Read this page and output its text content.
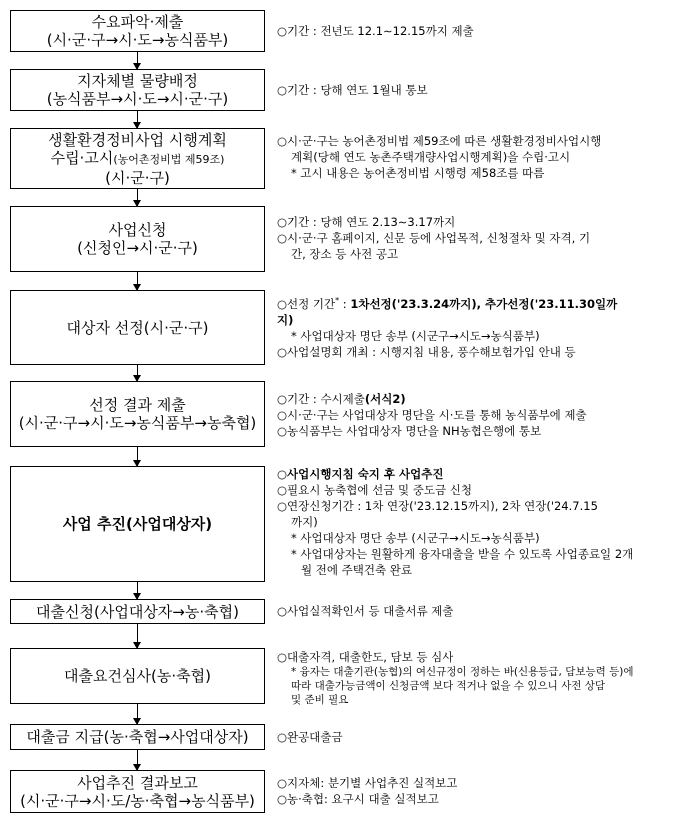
수요파악·제출
(시·군·구→시·도→농식품부)	○기간 : 전년도 12.1∼12.15까지 제출
지자체별 물량배정
(농식품부→시·도→시·군·구)	○기간 : 당해 연도 1월내 통보
생활환경정비사업 시행계획
수립·고시(농어촌정비법 제59조)
(시·군·구)
○시·군·구는 농어촌정비법 제59조에 따른 생활환경정비사업시행
계획(당해 연도 농촌주택개량사업시행계획)을 수립·고시
* 고시 내용은 농어촌정비법 시행령 제58조를 따름
사업신청
(신청인→시·군·구)
○기간 : 당해 연도 2.13∼3.17까지
○시·군·구 홈페이지, 신문 등에 사업목적, 신청절차 및 자격, 기
간, 장소 등 사전 공고
대상자 선정(시·군·구)
○선정 기간* : 1차선정('23.3.24까지), 추가선정('23.11.30일까
지)
* 사업대상자 명단 송부 (시군구→시도→농식품부)
○사업설명회 개최 : 시행지침 내용, 풍수해보험가입 안내 등
선정 결과 제출
(시·군·구→시·도→농식품부→농축협)
○기간 : 수시제출(서식2)
○시·군·구는 사업대상자 명단을 시·도를 통해 농식품부에 제출
○농식품부는 사업대상자 명단을 NH농협은행에 통보
사업 추진(사업대상자)
○사업시행지침 숙지 후 사업추진
○필요시 농축협에 선금 및 중도금 신청
○연장신청기간 : 1차 연장('23.12.15까지), 2차 연장('24.7.15
까지)
* 사업대상자 명단 송부 (시군구→시도→농식품부)
* 사업대상자는 원활하게 융자대출을 받을 수 있도록 사업종료일 2개
월 전에 주택건축 완료
대출신청(사업대상자→농·축협)	○사업실적확인서 등 대출서류 제출
대출요건심사(농·축협)
○대출자격, 대출한도, 담보 등 심사
* 융자는 대출기관(농협)의 여신규정이 정하는 바(신용등급, 담보능력 등)에
따라 대출가능금액이 신청금액 보다 적거나 없을 수 있으니 사전 상담
및 준비 필요
대출금 지급(농·축협→사업대상자) ○완공대출금
사업추진 결과보고
(시·군·구→시·도/농·축협→농식품부)
○지자체: 분기별 사업추진 실적보고
○농·축협: 요구시 대출 실적보고
